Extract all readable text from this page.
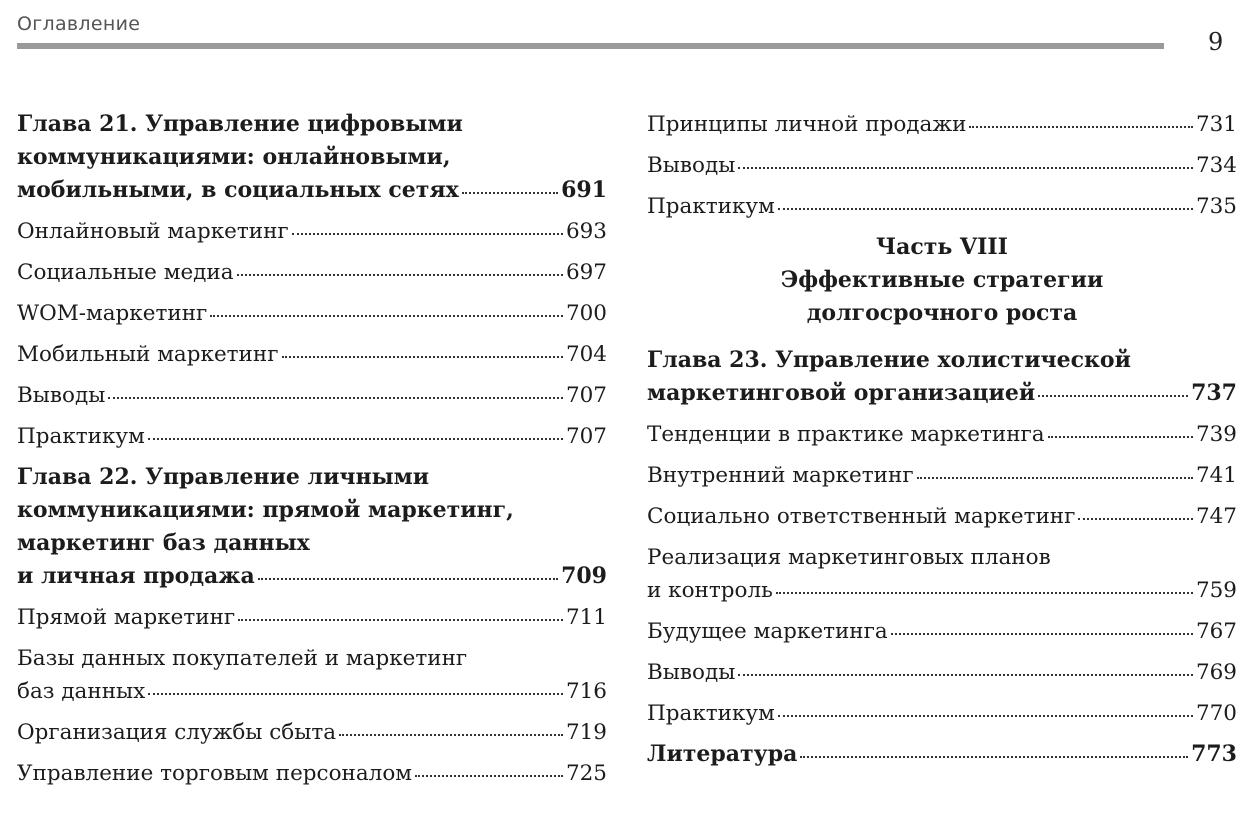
Оглавление
9
Глава 21. Управление цифровыми
коммуникациями: онлайновыми,
мобильными, в социальных сетях	691
Онлайновый маркетинг	693
Социальные медиа	697
WOM-маркетинг	700
Мобильный маркетинг	704
Выводы	707
Практикум	707
Глава 22. Управление личными
коммуникациями: прямой маркетинг,
маркетинг баз данных
и личная продажа	709
Прямой маркетинг	711
Базы данных покупателей и маркетинг
баз данных	716
Организация службы сбыта	719
Управление торговым персоналом	725
Принципы личной продажи	731
Выводы	734
Практикум	735
Часть VIII
Эффективные стратегии
долгосрочного роста
Глава 23. Управление холистической
маркетинговой организацией	737
Тенденции в практике маркетинга	739
Внутренний маркетинг	741
Социально ответственный маркетинг	747
Реализация маркетинговых планов
и контроль	759
Будущее маркетинга	767
Выводы	769
Практикум	770
Литература	773
